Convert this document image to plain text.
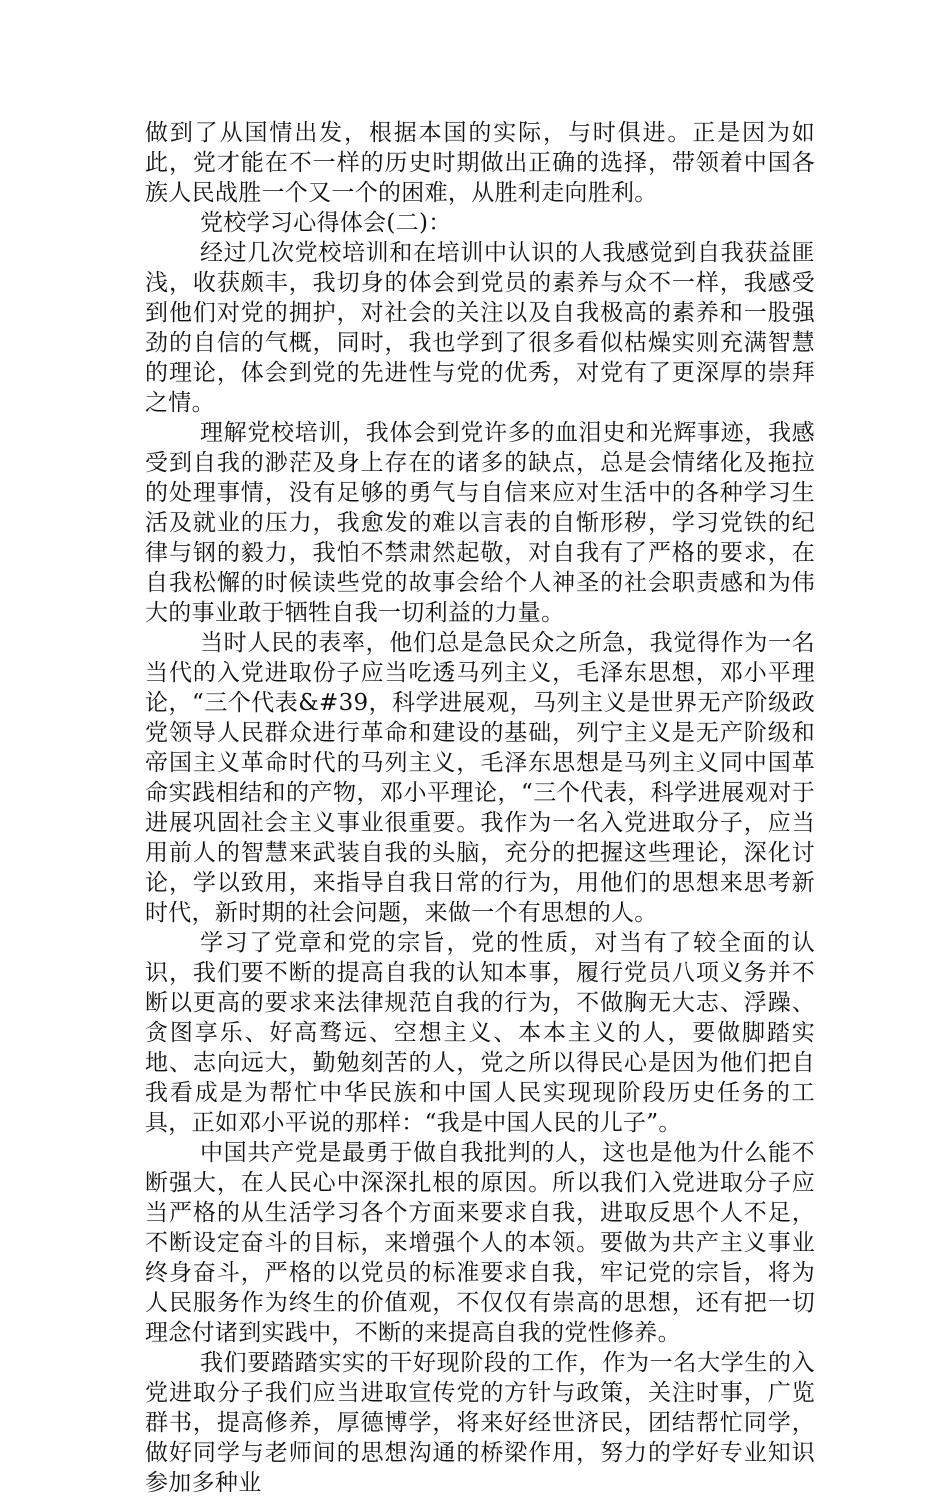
做到了从国情出发，根据本国的实际，与时俱进。正是因为如此，党才能在不一样的历史时期做出正确的选择，带领着中国各族人民战胜一个又一个的困难，从胜利走向胜利。

党校学习心得体会(二)：

经过几次党校培训和在培训中认识的人我感觉到自我获益匪浅，收获颇丰，我切身的体会到党员的素养与众不一样，我感受到他们对党的拥护，对社会的关注以及自我极高的素养和一股强劲的自信的气概，同时，我也学到了很多看似枯燥实则充满智慧的理论，体会到党的先进性与党的优秀，对党有了更深厚的崇拜之情。

理解党校培训，我体会到党许多的血泪史和光辉事迹，我感受到自我的渺茫及身上存在的诸多的缺点，总是会情绪化及拖拉的处理事情，没有足够的勇气与自信来应对生活中的各种学习生活及就业的压力，我愈发的难以言表的自惭形秽，学习党铁的纪律与钢的毅力，我怕不禁肃然起敬，对自我有了严格的要求，在自我松懈的时候读些党的故事会给个人神圣的社会职责感和为伟大的事业敢于牺牲自我一切利益的力量。

当时人民的表率，他们总是急民众之所急，我觉得作为一名当代的入党进取份子应当吃透马列主义，毛泽东思想，邓小平理论，“三个代表&#39，科学进展观，马列主义是世界无产阶级政党领导人民群众进行革命和建设的基础，列宁主义是无产阶级和帝国主义革命时代的马列主义，毛泽东思想是马列主义同中国革命实践相结和的产物，邓小平理论，“三个代表，科学进展观对于进展巩固社会主义事业很重要。我作为一名入党进取分子，应当用前人的智慧来武装自我的头脑，充分的把握这些理论，深化讨论，学以致用，来指导自我日常的行为，用他们的思想来思考新时代，新时期的社会问题，来做一个有思想的人。

学习了党章和党的宗旨，党的性质，对当有了较全面的认识，我们要不断的提高自我的认知本事，履行党员八项义务并不断以更高的要求来法律规范自我的行为，不做胸无大志、浮躁、贪图享乐、好高骛远、空想主义、本本主义的人，要做脚踏实地、志向远大，勤勉刻苦的人，党之所以得民心是因为他们把自我看成是为帮忙中华民族和中国人民实现现阶段历史任务的工具，正如邓小平说的那样：“我是中国人民的儿子”。

中国共产党是最勇于做自我批判的人，这也是他为什么能不断强大，在人民心中深深扎根的原因。所以我们入党进取分子应当严格的从生活学习各个方面来要求自我，进取反思个人不足，不断设定奋斗的目标，来增强个人的本领。要做为共产主义事业终身奋斗，严格的以党员的标准要求自我，牢记党的宗旨，将为人民服务作为终生的价值观，不仅仅有崇高的思想，还有把一切理念付诸到实践中，不断的来提高自我的党性修养。

我们要踏踏实实的干好现阶段的工作，作为一名大学生的入党进取分子我们应当进取宣传党的方针与政策，关注时事，广览群书，提高修养，厚德博学，将来好经世济民，团结帮忙同学，做好同学与老师间的思想沟通的桥梁作用，努力的学好专业知识参加多种业
